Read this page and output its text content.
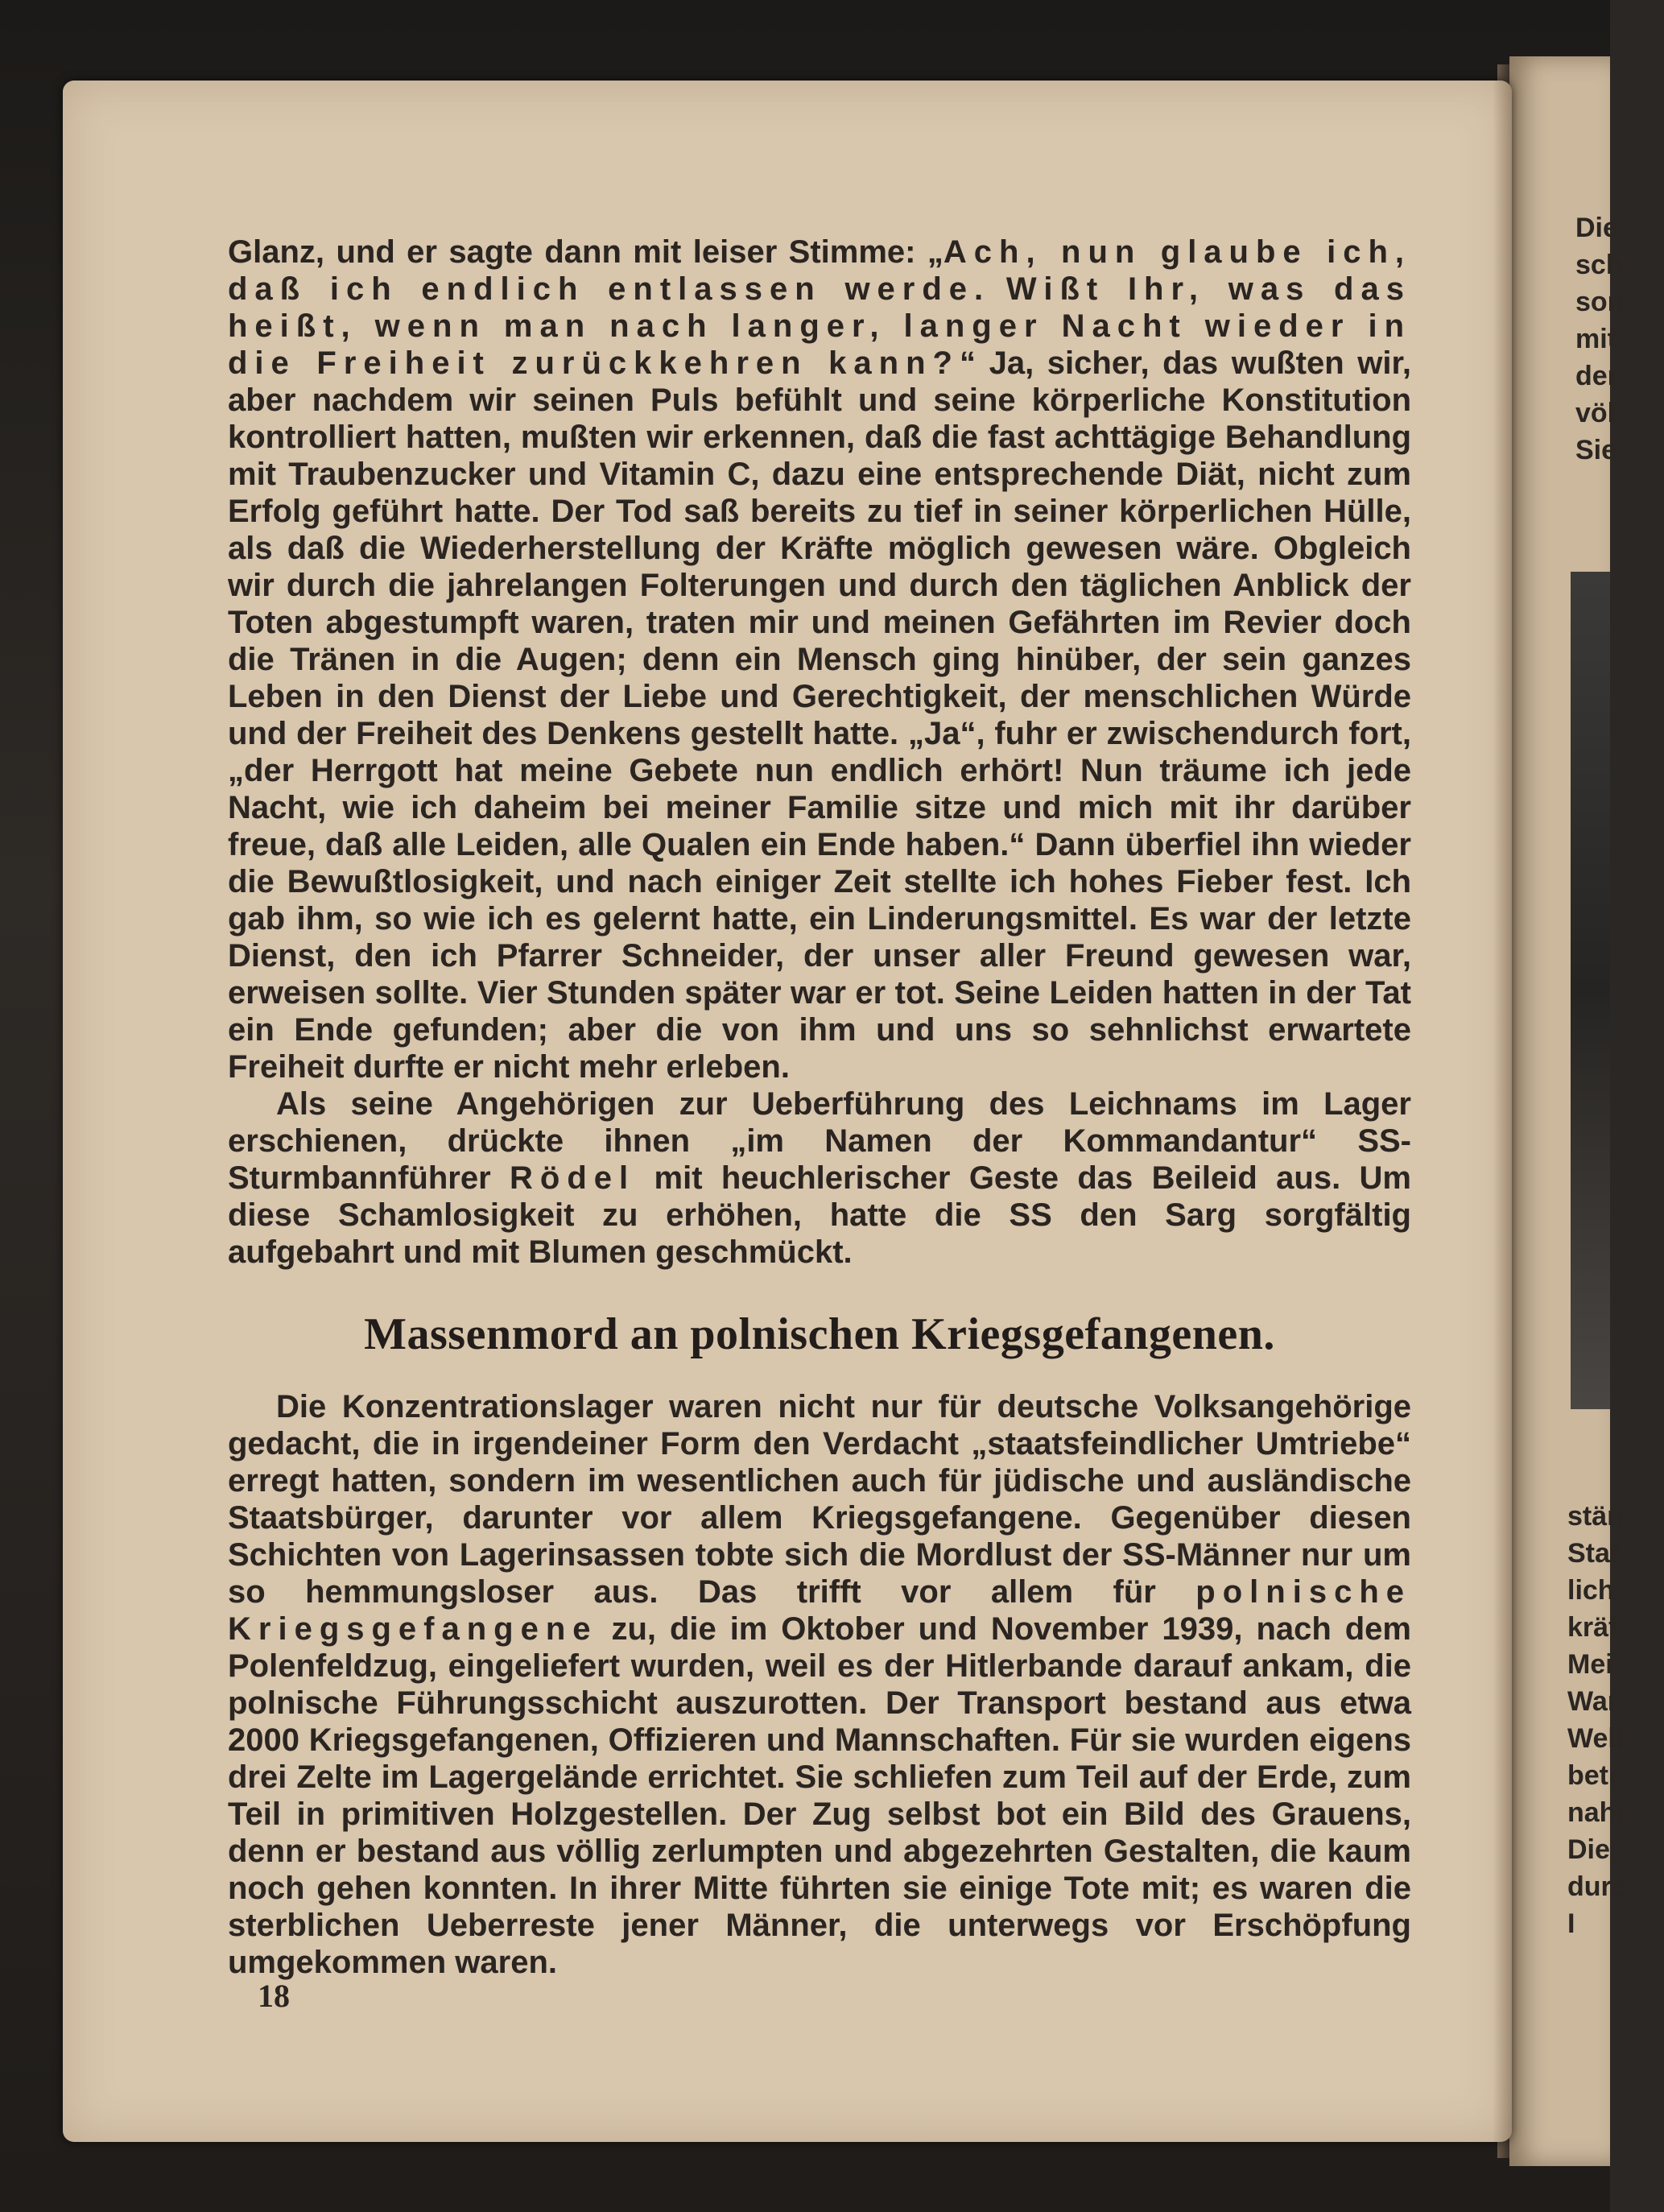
Die
sch
son
mit
der
völ
Sie
stän
Stat
lich
kräf
Mei
War
Well
betr
nahr
Die
durc
I

Glanz, und er sagte dann mit leiser Stimme: „Ach, nun glaube ich, daß ich endlich entlassen werde. Wißt Ihr, was das heißt, wenn man nach langer, langer Nacht wieder in die Freiheit zurückkehren kann?“ Ja, sicher, das wußten wir, aber nachdem wir seinen Puls befühlt und seine körperliche Konstitution kontrolliert hatten, mußten wir erkennen, daß die fast achttägige Behandlung mit Traubenzucker und Vitamin C, dazu eine entsprechende Diät, nicht zum Erfolg geführt hatte. Der Tod saß bereits zu tief in seiner körperlichen Hülle, als daß die Wiederherstellung der Kräfte möglich gewesen wäre. Obgleich wir durch die jahrelangen Folterungen und durch den täglichen Anblick der Toten abgestumpft waren, traten mir und meinen Gefährten im Revier doch die Tränen in die Augen; denn ein Mensch ging hinüber, der sein ganzes Leben in den Dienst der Liebe und Gerechtigkeit, der menschlichen Würde und der Freiheit des Denkens gestellt hatte. „Ja“, fuhr er zwischendurch fort, „der Herrgott hat meine Gebete nun endlich erhört! Nun träume ich jede Nacht, wie ich daheim bei meiner Familie sitze und mich mit ihr darüber freue, daß alle Leiden, alle Qualen ein Ende haben.“ Dann überfiel ihn wieder die Bewußtlosigkeit, und nach einiger Zeit stellte ich hohes Fieber fest. Ich gab ihm, so wie ich es gelernt hatte, ein Linderungsmittel. Es war der letzte Dienst, den ich Pfarrer Schneider, der unser aller Freund gewesen war, erweisen sollte. Vier Stunden später war er tot. Seine Leiden hatten in der Tat ein Ende gefunden; aber die von ihm und uns so sehnlichst erwartete Freiheit durfte er nicht mehr erleben.

Als seine Angehörigen zur Ueberführung des Leichnams im Lager erschienen, drückte ihnen „im Namen der Kommandantur“ SS-Sturmbannführer Rödel mit heuchlerischer Geste das Beileid aus. Um diese Schamlosigkeit zu erhöhen, hatte die SS den Sarg sorgfältig aufgebahrt und mit Blumen geschmückt.

Massenmord an polnischen Kriegsgefangenen.

Die Konzentrationslager waren nicht nur für deutsche Volksangehörige gedacht, die in irgendeiner Form den Verdacht „staatsfeindlicher Umtriebe“ erregt hatten, sondern im wesentlichen auch für jüdische und ausländische Staatsbürger, darunter vor allem Kriegsgefangene. Gegenüber diesen Schichten von Lagerinsassen tobte sich die Mordlust der SS-Männer nur um so hemmungsloser aus. Das trifft vor allem für polnische Kriegsgefangene zu, die im Oktober und November 1939, nach dem Polenfeldzug, eingeliefert wurden, weil es der Hitlerbande darauf ankam, die polnische Führungsschicht auszurotten. Der Transport bestand aus etwa 2000 Kriegsgefangenen, Offizieren und Mannschaften. Für sie wurden eigens drei Zelte im Lagergelände errichtet. Sie schliefen zum Teil auf der Erde, zum Teil in primitiven Holzgestellen. Der Zug selbst bot ein Bild des Grauens, denn er bestand aus völlig zerlumpten und abgezehrten Gestalten, die kaum noch gehen konnten. In ihrer Mitte führten sie einige Tote mit; es waren die sterblichen Ueberreste jener Männer, die unterwegs vor Erschöpfung umgekommen waren.

18
